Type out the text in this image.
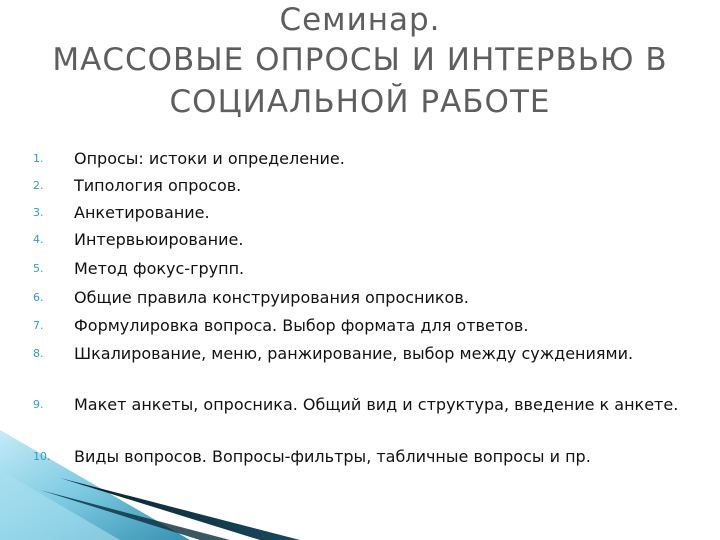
Семинар.
МАССОВЫЕ ОПРОСЫ И ИНТЕРВЬЮ В
СОЦИАЛЬНОЙ РАБОТЕ
1.	Опросы: истоки и определение.
2.	Типология опросов.
3.	Анкетирование.
4.	Интервьюирование.
5.	Метод фокус-групп.
6.	Общие правила конструирования опросников.
7.	Формулировка вопроса. Выбор формата для ответов.
8.	Шкалирование, меню, ранжирование, выбор между суждениями.
9.	Макет анкеты, опросника. Общий вид и структура, введение к анкете.
10.	Виды вопросов. Вопросы-фильтры, табличные вопросы и пр.
